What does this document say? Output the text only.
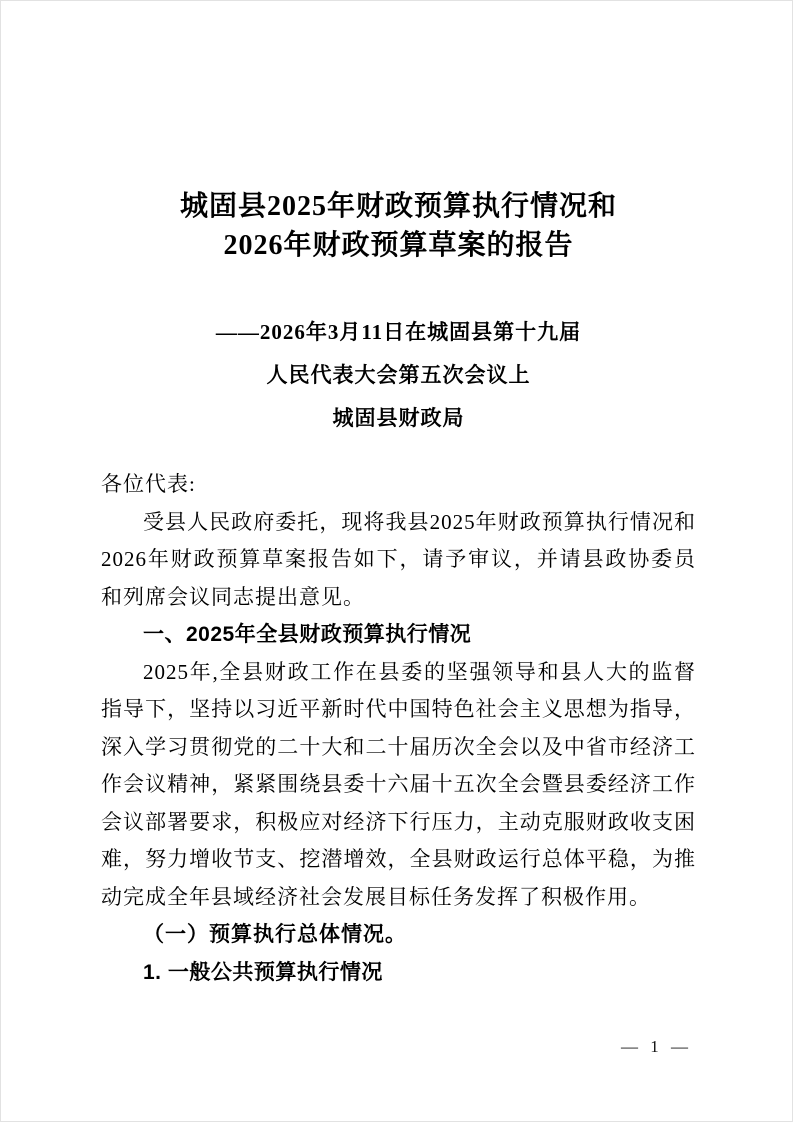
城固县2025年财政预算执行情况和
2026年财政预算草案的报告
——2026年3月11日在城固县第十九届
人民代表大会第五次会议上
城固县财政局

各位代表:

受县人民政府委托，现将我县2025年财政预算执行情况和2026年财政预算草案报告如下，请予审议，并请县政协委员和列席会议同志提出意见。

一、2025年全县财政预算执行情况

2025年,全县财政工作在县委的坚强领导和县人大的监督指导下，坚持以习近平新时代中国特色社会主义思想为指导，深入学习贯彻党的二十大和二十届历次全会以及中省市经济工作会议精神，紧紧围绕县委十六届十五次全会暨县委经济工作会议部署要求，积极应对经济下行压力，主动克服财政收支困难，努力增收节支、挖潜增效，全县财政运行总体平稳，为推动完成全年县域经济社会发展目标任务发挥了积极作用。

（一）预算执行总体情况。
1. 一般公共预算执行情况
— 1 —
